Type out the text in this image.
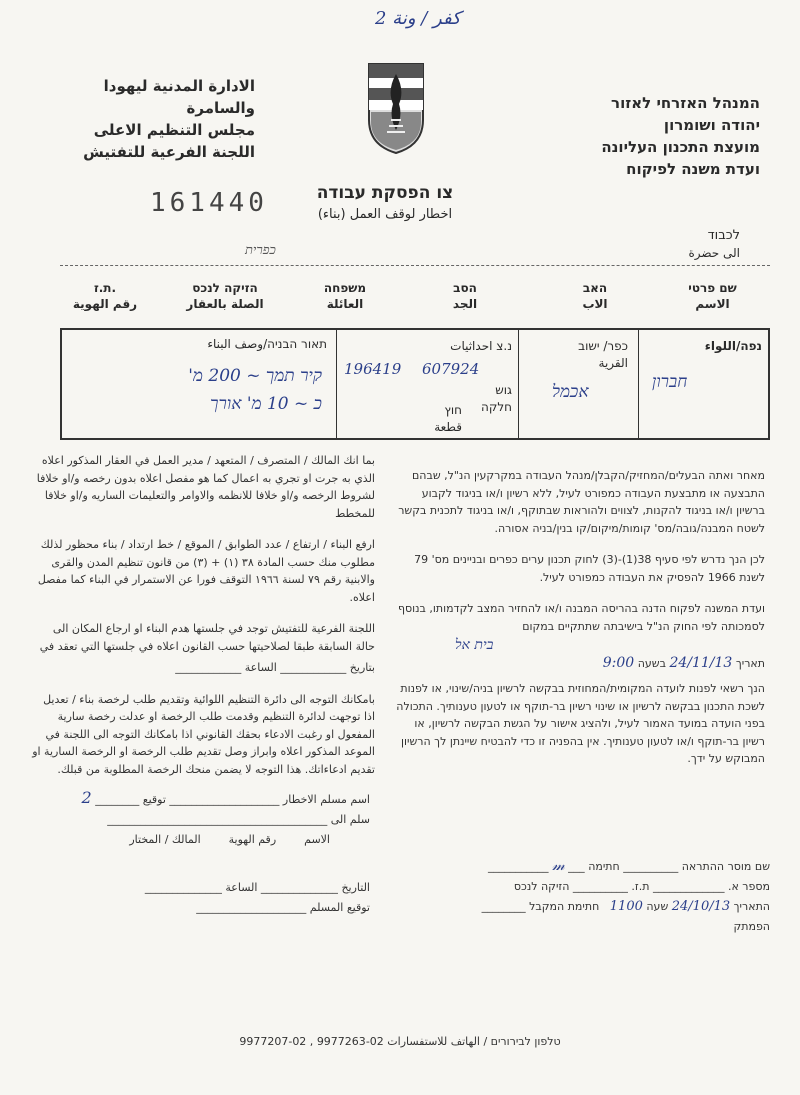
كفر / ونة 2
الادارة المدنية ليهودا
والسامرة
مجلس التنظيم الاعلى
اللجنة الفرعية للتفتيش
המנהל האזרחי לאזור
יהודה ושומרון
מועצת התכנון העליונה
ועדת משנה לפיקוח
161440	צו הפסקת עבודה
اخطار لوقف العمل (بناء)
לכבוד
الى حضرة
כפרית
ת.ז.
رقم الهوية
הזיקה לנכס
الصلة بالعقار
משפחה
العائلة
הסב
الجد
האב
الاب
שם פרטי
الاسم
נפה/اللواء
חברון
כפר/ ישוב
القرية
אכמל
נ.צ احداثيات
196419 607924
גוש
חלקה
חוץ
قطعة
תאור הבניה/وصف البناء
קיר תמך ~ 200 מ'
כ ~ 10 מ' אורך

بما انك المالك / المتصرف / المتعهد / مدير العمل في العقار المذكور اعلاه الذي به جرت او تجري به اعمال كما هو مفصل اعلاه بدون رخصه و/او خلافا لشروط الرخصه و/او خلافا للانظمه والاوامر والتعليمات الساريه و/او خلافا للمخطط

ارفع البناء / ارتفاع / عدد الطوابق / الموقع / خط ارتداد / بناء محظور لذلك مطلوب منك حسب المادة ٣٨ (١) + (٣) من قانون تنظيم المدن والقرى والابنية رقم ٧٩ لسنة ١٩٦٦ التوقف فورا عن الاستمرار في البناء كما مفصل اعلاه.

اللجنة الفرعية للتفتيش توجد في جلستها هدم البناء او ارجاع المكان الى حالة السابقة طبقا لصلاحيتها حسب القانون اعلاه في جلستها التي تعقد في

بتاريخ ____________ الساعة ____________

بامكانك التوجه الى دائرة التنظيم اللوائية وتقديم طلب لرخصة بناء / تعديل اذا توجهت لدائرة التنظيم وقدمت طلب الرخصة او عدلت رخصة سارية المفعول او رغبت الادعاء بحقك القانوني اذا بامكانك التوجه الى اللجنة في الموعد المذكور اعلاه وابراز وصل تقديم طلب الرخصة او الرخصة السارية او تقديم ادعاءاتك. هذا التوجه لا يضمن منحك الرخصة المطلوبة من قبلك.

اسم مسلم الاخطار ____________________ توقيع ________ 2
سلم الى ________________________________________
الاسم        رقم الهوية        المالك / المختار
التاريخ ______________ الساعة ______________
توقيع المسلم ____________________

מאחר ואתה הבעלים/המחזיק/הקבלן/מנהל העבודה במקרקעין הנ"ל, שבהם התבצעה או מתבצעת העבודה כמפורט לעיל, ללא רשיון ו/או בניגוד לקבוע ברשיון ו/או בניגוד להקנות, לצווים ולהוראות שבתוקף, ו/או בניגוד לתכנית בקשר לשטח המבנה/גובה/מס' קומות/מיקום/קו בנין/בניה אסורה.

לכן הנך נדרש לפי סעיף 38(1)-(3) לחוק תכנון ערים כפרים ובניינים מס' 79 לשנת 1966 להפסיק את העבודה כמפורט לעיל.

ועדת המשנה לפקוח הדנה בהריסה המבנה ו/או להחזיר המצב לקדמותו, בנוסף לסמכותה לפי החוק הנ"ל בישיבתה שתתקיים במקום

בית אל
תאריך 24/11/13 בשעה 9:00

הנך רשאי לפנות לועדה המקומית/המחוזית בבקשה לרשיון בניה/שינוי, או לפנות לשכת התכנון בבקשה לרשיון או שינוי רשיון בר-תוקף או לטעון טענותיך. התכולה בפני הועדה במועד האמור לעיל, ולהציג אישור על הגשת הבקשה לרשיון, או רשיון בר-תוקף ו/או לטעון טענותיך. אין בהפניה זו כדי להבטיח שיינתן לך הרשיון המבוקש על ידך.

שם מוסר ההתראה __________ חתימה ___ 𝓂 ___________
מספר א. _____________ ת.ז. __________ הזיקה לנכס
התאריך 24/10/13 שעה 1100   חתימת המקבל ________
הפמתק
טלפון לבירורים / الهاتف للاستفسارات 02-9977263 , 02-9977207
